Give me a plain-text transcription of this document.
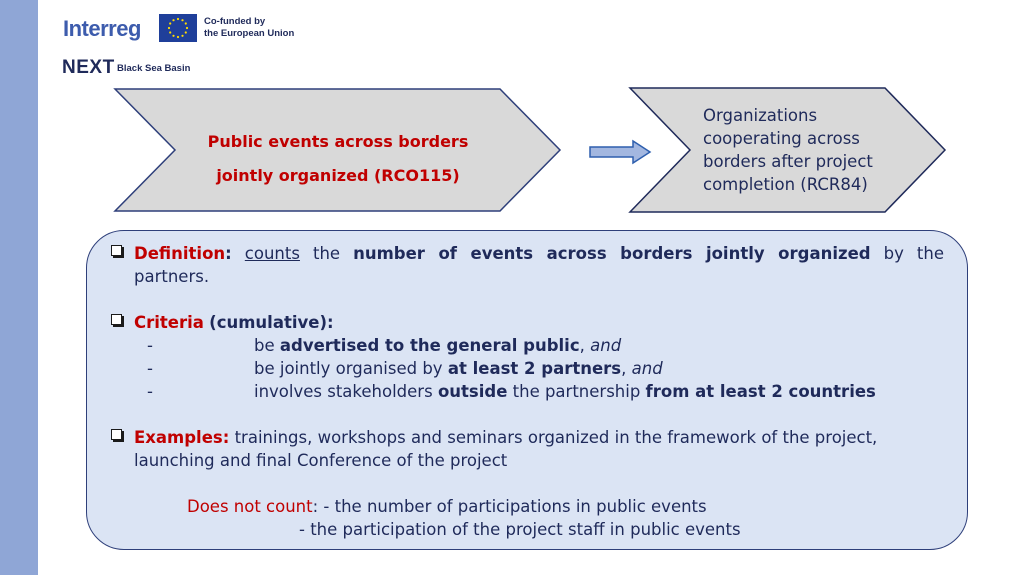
Interreg	Co-funded by
the European Union
NEXT Black Sea Basin
Public events across borders
jointly organized (RCO115)
Organizations
cooperating across
borders after project
completion (RCR84)
Definition: counts the number of events across borders jointly organized by the
partners.
Criteria (cumulative):
-	be advertised to the general public, and
-	be jointly organised by at least 2 partners, and
-	involves stakeholders outside the partnership from at least 2 countries
Examples: trainings, workshops and seminars organized in the framework of the project,
launching and final Conference of the project
Does not count: - the number of participations in public events
- the participation of the project staff in public events
